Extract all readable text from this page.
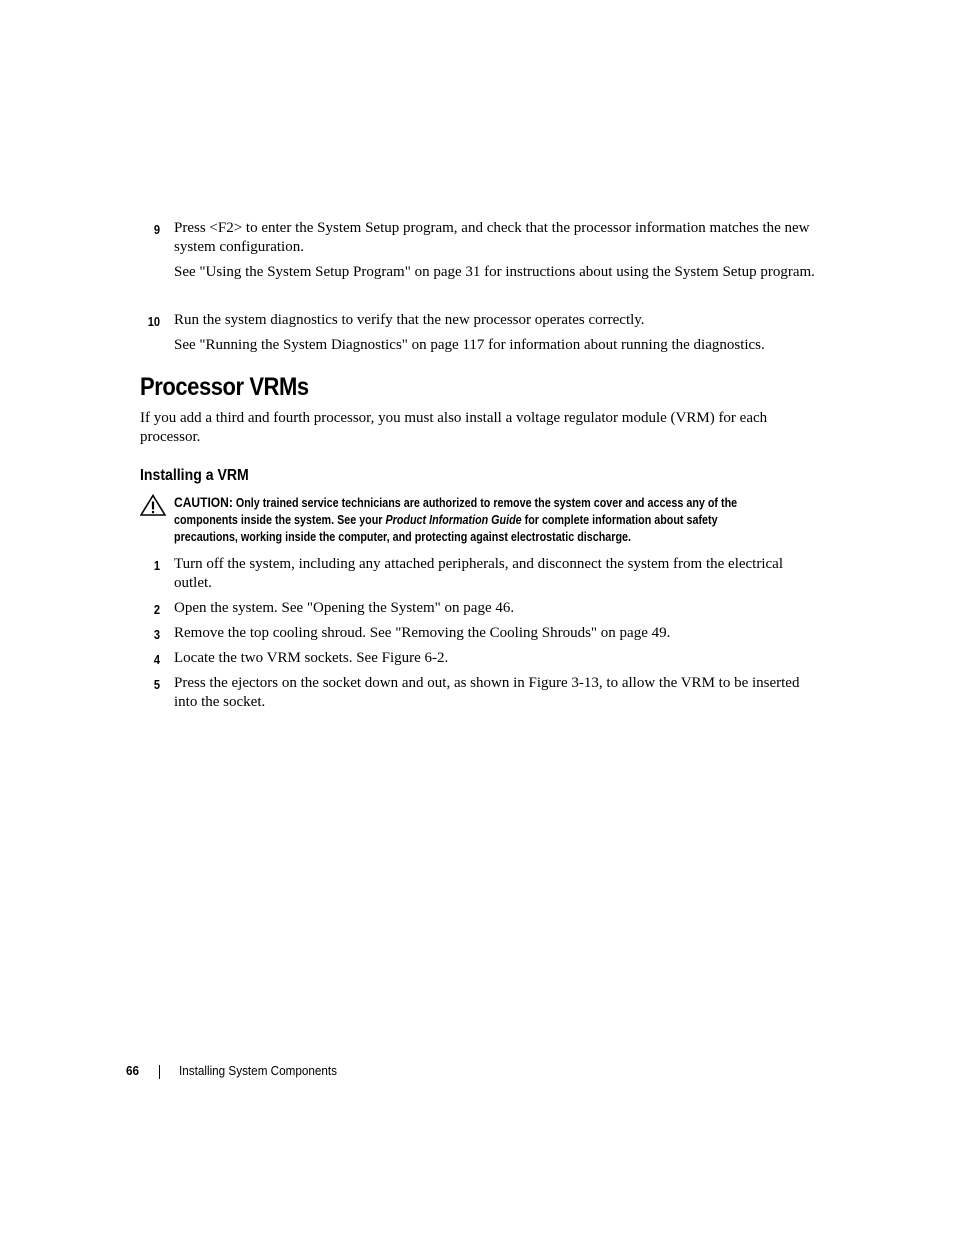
9 Press <F2> to enter the System Setup program, and check that the processor information matches the new system configuration.

See "Using the System Setup Program" on page 31 for instructions about using the System Setup program.

10 Run the system diagnostics to verify that the new processor operates correctly.

See "Running the System Diagnostics" on page 117 for information about running the diagnostics.

Processor VRMs

If you add a third and fourth processor, you must also install a voltage regulator module (VRM) for each processor.

Installing a VRM
CAUTION: Only trained service technicians are authorized to remove the system cover and access any of the components inside the system. See your Product Information Guide for complete information about safety precautions, working inside the computer, and protecting against electrostatic discharge.
1 Turn off the system, including any attached peripherals, and disconnect the system from the electrical outlet.

2 Open the system. See "Opening the System" on page 46.

3 Remove the top cooling shroud. See "Removing the Cooling Shrouds" on page 49.

4 Locate the two VRM sockets. See Figure 6-2.

5 Press the ejectors on the socket down and out, as shown in Figure 3-13, to allow the VRM to be inserted into the socket.

66	Installing System Components
